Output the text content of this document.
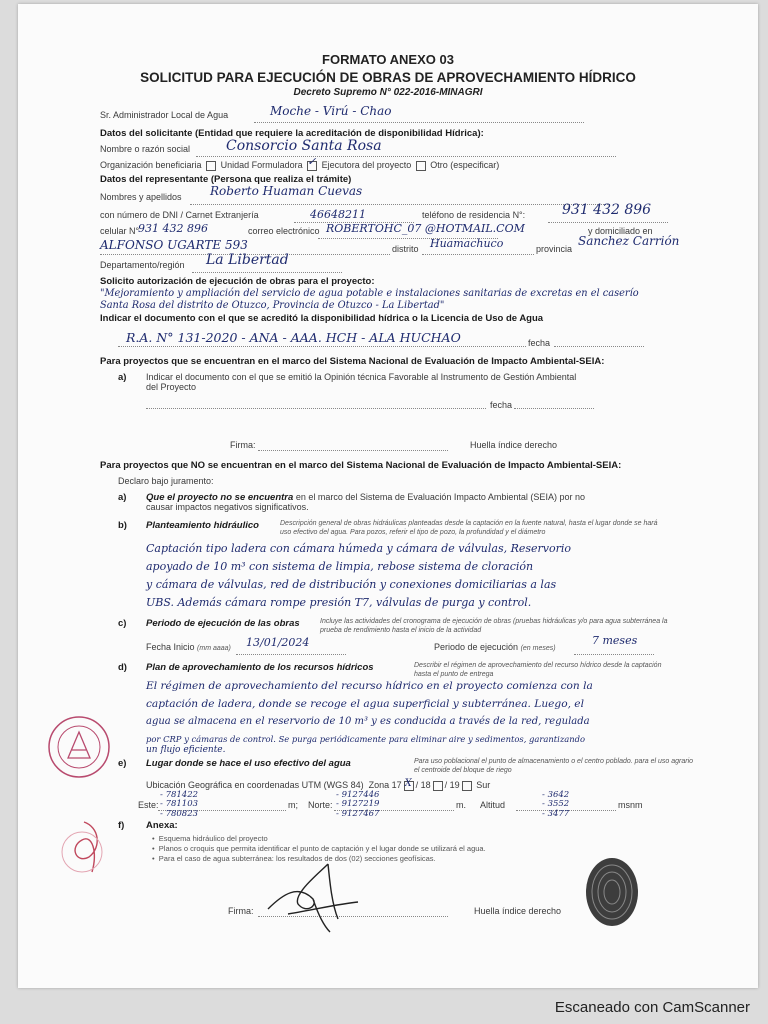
FORMATO ANEXO 03
SOLICITUD PARA EJECUCIÓN DE OBRAS DE APROVECHAMIENTO HÍDRICO
Decreto Supremo N° 022-2016-MINAGRI
Sr. Administrador Local de Agua	Moche - Virú - Chao
Datos del solicitante (Entidad que requiere la acreditación de disponibilidad Hídrica):
Nombre o razón social	Consorcio Santa Rosa
Organización beneficiaria Unidad Formuladora ✓ Ejecutora del proyecto Otro (especificar)
Datos del representante (Persona que realiza el trámite)
Nombres y apellidos Roberto Huaman Cuevas
con número de DNI / Carnet Extranjería	46648211	teléfono de residencia N°:	931 432 896
celular N°
931 432 896	correo electrónico ROBERTOHC_07 @HOTMAIL.COM	y domiciliado en
ALFONSO UGARTE 593	distrito Huamachuco	provincia
Sanchez Carrión
Departamento/región La Libertad
Solicito autorización de ejecución de obras para el proyecto:
"Mejoramiento y ampliación del servicio de agua potable e instalaciones sanitarias de excretas en el caserío
Santa Rosa del distrito de Otuzco, Provincia de Otuzco - La Libertad"
Indicar el documento con el que se acreditó la disponibilidad hídrica o la Licencia de Uso de Agua
R.A. N° 131-2020 - ANA - AAA. HCH - ALA HUCHAO	fecha
Para proyectos que se encuentran en el marco del Sistema Nacional de Evaluación de Impacto Ambiental-SEIA:
a) Indicar el documento con el que se emitió la Opinión técnica Favorable al Instrumento de Gestión Ambiental
del Proyecto
fecha
Firma:	Huella índice derecho
Para proyectos que NO se encuentran en el marco del Sistema Nacional de Evaluación de Impacto Ambiental-SEIA:
Declaro bajo juramento:
a) Que el proyecto no se encuentra en el marco del Sistema de Evaluación Impacto Ambiental (SEIA) por no
causar impactos negativos significativos.
b) Planteamiento hidráulico	Descripción general de obras hidráulicas planteadas desde la captación en la fuente natural, hasta el lugar donde se hará
uso efectivo del agua. Para pozos, referir el tipo de pozo, la profundidad y el diámetro
Captación tipo ladera con cámara húmeda y cámara de válvulas, Reservorio
apoyado de 10 m³ con sistema de limpia, rebose sistema de cloración
y cámara de válvulas, red de distribución y conexiones domiciliarias a las
UBS. Además cámara rompe presión T7, válvulas de purga y control.
c) Periodo de ejecución de las obras	Incluye las actividades del cronograma de ejecución de obras (pruebas hidráulicas y/o para agua subterránea la
prueba de rendimiento hasta el inicio de la actividad
Fecha Inicio (mm aaaa) 13/01/2024	Periodo de ejecución (en meses)
7 meses
d) Plan de aprovechamiento de los recursos hídricos	Describir el régimen de aprovechamiento del recurso hídrico desde la captación
hasta el punto de entrega
El régimen de aprovechamiento del recurso hídrico en el proyecto comienza con la
captación de ladera, donde se recoge el agua superficial y subterránea. Luego, el
agua se almacena en el reservorio de 10 m³ y es conducida a través de la red, regulada
por CRP y cámaras de control. Se purga periódicamente para eliminar aire y sedimentos, garantizando
un flujo eficiente.
e) Lugar donde se hace el uso efectivo del agua	Para uso poblacional el punto de almacenamiento o el centro poblado. para el uso agrario
el centroide del bloque de riego
Ubicación Geográfica en coordenadas UTM (WGS 84) Zona 17 X / 18 / 19 Sur
- 781422	- 9127446	- 3642
Este: - 781103	m; Norte: - 9127219	m. Altitud	- 3552	msnm
- 780823	- 9127467	- 3477
f) Anexa:
•  Esquema hidráulico del proyecto
•  Planos o croquis que permita identificar el punto de captación y el lugar donde se utilizará el agua.
•  Para el caso de agua subterránea: los resultados de dos (02) secciones geofísicas.
Firma:	Huella índice derecho
Escaneado con CamScanner
